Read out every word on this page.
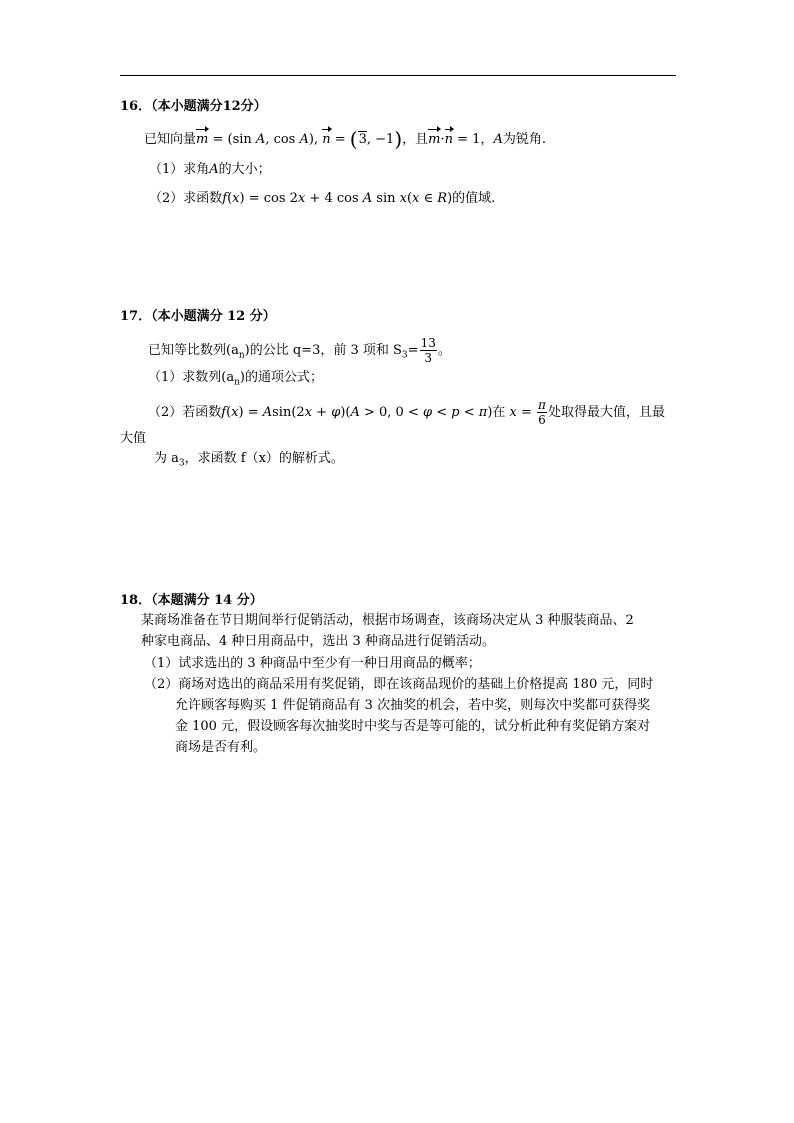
16．（本小题满分12分）
已知向量m = (sin A, cos A), n = (3, −1)，且m·n = 1，A为锐角.
（1）求角A的大小；
（2）求函数f(x) = cos 2x + 4 cos A sin x(x ∈ R)的值域.
17．（本小题满分 12 分）
已知等比数列$(a_n)$的公比 q=3，前 3 项和 $S_3= \frac{13}{3}$ 。
（1）求数列$(a_n)$的通项公式；
（2）若函数f(x) = Asin(2x + φ)(A > 0, 0 < φ < p < π)在 $x = \frac{\pi}{6}$ 处取得最大值，且最
大值
为 $a_3$，求函数 f（x）的解析式。
18．（本题满分 14 分）
某商场准备在节日期间举行促销活动，根据市场调查，该商场决定从 3 种服装商品、2
种家电商品、4 种日用商品中，选出 3 种商品进行促销活动。
（1）试求选出的 3 种商品中至少有一种日用商品的概率；
（2）商场对选出的商品采用有奖促销，即在该商品现价的基础上价格提高 180 元，同时
允许顾客每购买 1 件促销商品有 3 次抽奖的机会，若中奖，则每次中奖都可获得奖
金 100 元，假设顾客每次抽奖时中奖与否是等可能的，试分析此种有奖促销方案对
商场是否有利。
